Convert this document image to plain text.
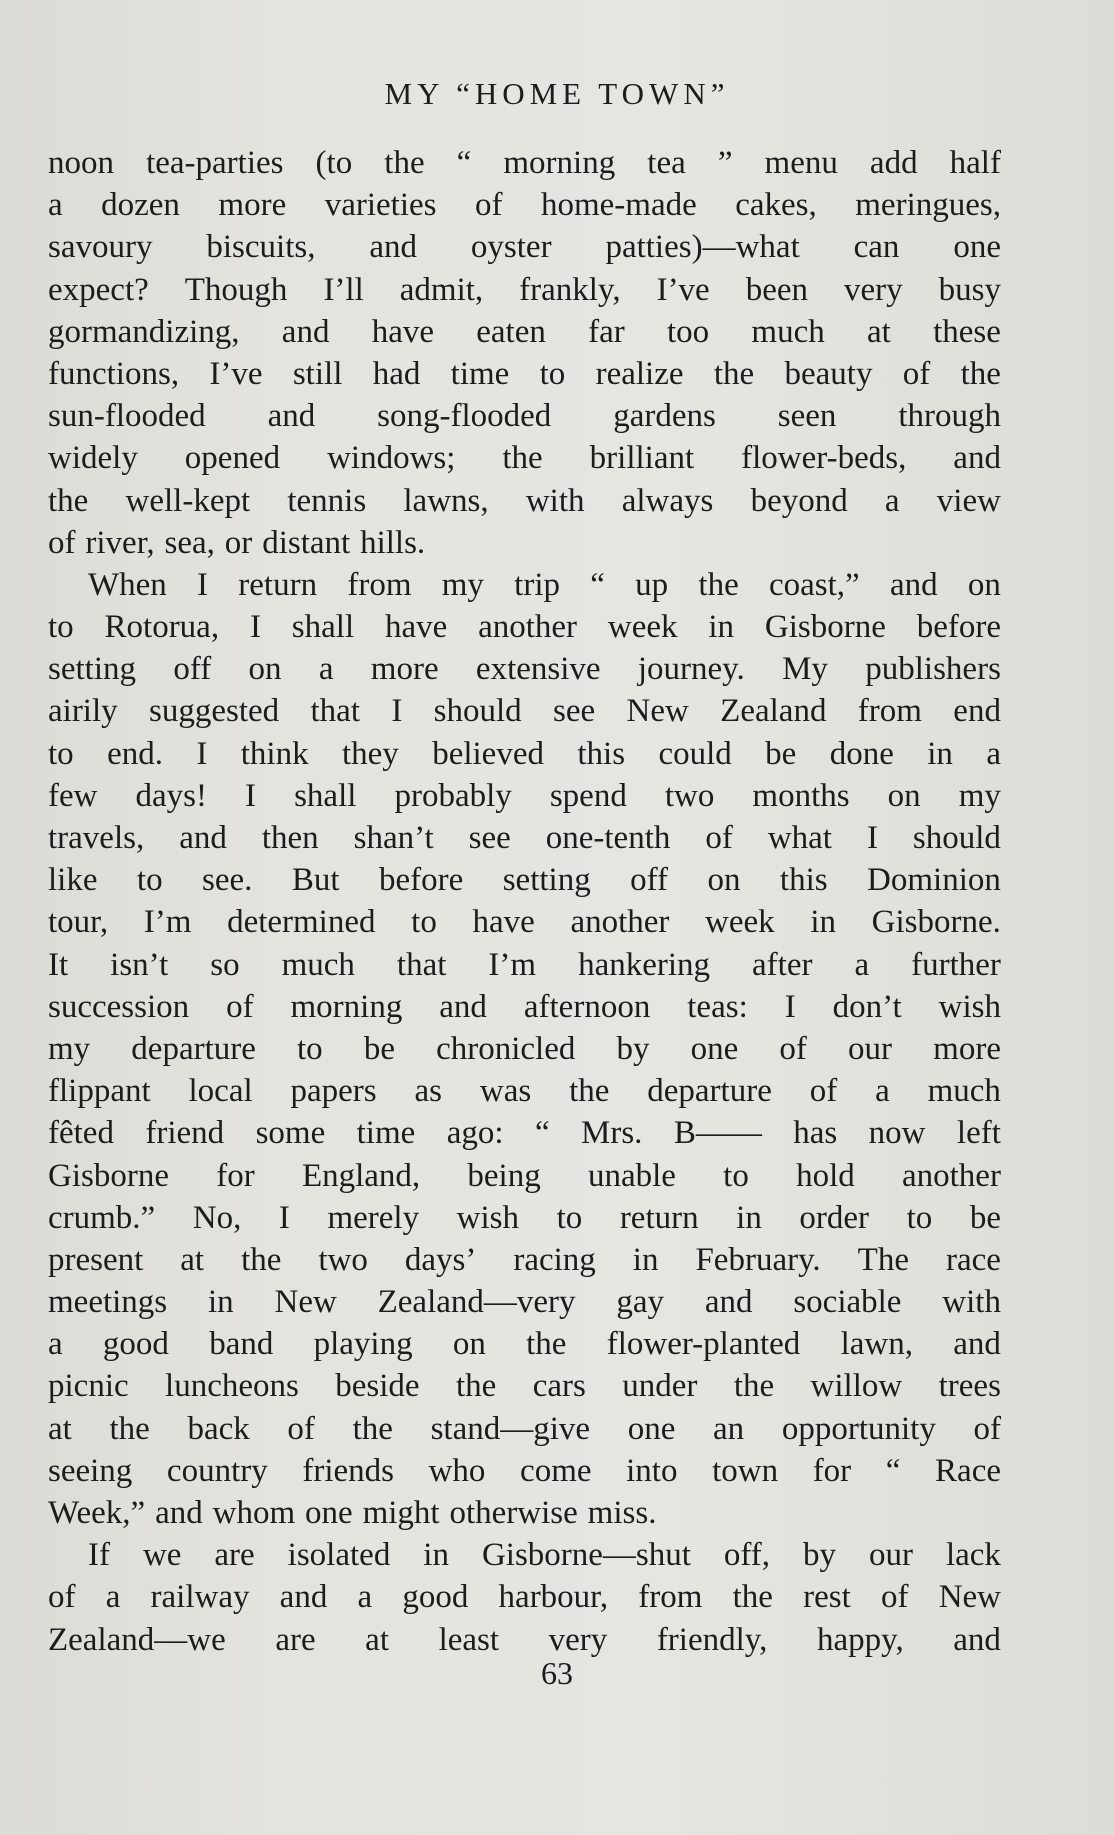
MY “HOME TOWN”
noon tea-parties (to the “ morning tea ” menu add half
a dozen more varieties of home-made cakes, meringues,
savoury biscuits, and oyster patties)—what can one
expect? Though I’ll admit, frankly, I’ve been very busy
gormandizing, and have eaten far too much at these
functions, I’ve still had time to realize the beauty of the
sun-flooded and song-flooded gardens seen through
widely opened windows; the brilliant flower-beds, and
the well-kept tennis lawns, with always beyond a view
of river, sea, or distant hills.
When I return from my trip “ up the coast,” and on
to Rotorua, I shall have another week in Gisborne before
setting off on a more extensive journey. My publishers
airily suggested that I should see New Zealand from end
to end. I think they believed this could be done in a
few days! I shall probably spend two months on my
travels, and then shan’t see one-tenth of what I should
like to see. But before setting off on this Dominion
tour, I’m determined to have another week in Gisborne.
It isn’t so much that I’m hankering after a further
succession of morning and afternoon teas: I don’t wish
my departure to be chronicled by one of our more
flippant local papers as was the departure of a much
fêted friend some time ago: “ Mrs. B—— has now left
Gisborne for England, being unable to hold another
crumb.” No, I merely wish to return in order to be
present at the two days’ racing in February. The race
meetings in New Zealand—very gay and sociable with
a good band playing on the flower-planted lawn, and
picnic luncheons beside the cars under the willow trees
at the back of the stand—give one an opportunity of
seeing country friends who come into town for “ Race
Week,” and whom one might otherwise miss.
If we are isolated in Gisborne—shut off, by our lack
of a railway and a good harbour, from the rest of New
Zealand—we are at least very friendly, happy, and
63
